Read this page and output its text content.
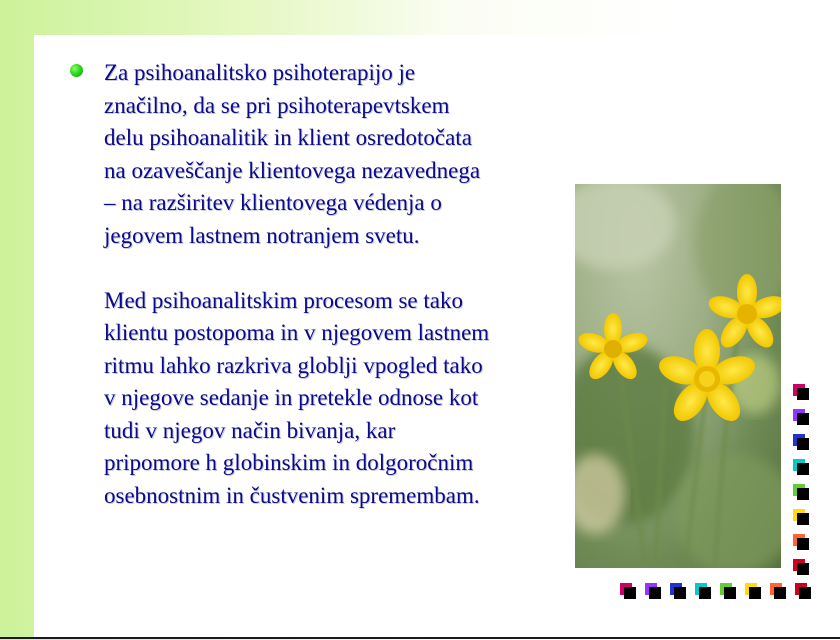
Za psihoanalitsko psihoterapijo je
značilno, da se pri psihoterapevtskem
delu psihoanalitik in klient osredotočata
na ozaveščanje klientovega nezavednega
– na razširitev klientovega védenja o
jegovem lastnem notranjem svetu.

Med psihoanalitskim procesom se tako
klientu postopoma in v njegovem lastnem
ritmu lahko razkriva globlji vpogled tako
v njegove sedanje in pretekle odnose kot
tudi v njegov način bivanja, kar
pripomore h globinskim in dolgoročnim
osebnostnim in čustvenim spremembam.
